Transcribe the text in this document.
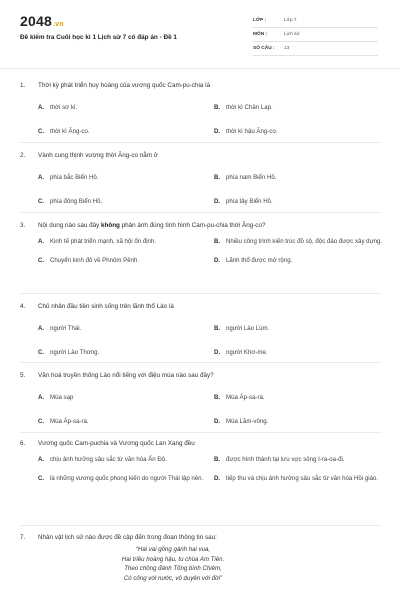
2048.vn
Đề kiểm tra Cuối học kì 1 Lịch sử 7 có đáp án - Đề 1
LỚP :	Lớp 7
MÔN :	Lịch sử
SỐ CÂU :	13
1.	Thời kỳ phát triển huy hoàng của vương quốc Cam-pu-chia là
A. thời sơ kì.	B. thời kì Chân Lạp.
C. thời kì Ăng-co.	D. thời kì hậu Ăng-co.
2.	Vành cung thịnh vượng thời Ăng-co nằm ở
A. phía bắc Biển Hồ.	B. phía nam Biển Hồ.
C. phía đông Biển Hồ.	D. phía tây Biển Hồ.
3.	Nội dung nào sau đây không phản ánh đúng tình hình Cam-pu-chia thời Ăng-co?
A. Kinh tế phát triển mạnh, xã hội ổn định.	B. Nhiều công trình kiến trúc đồ sộ, độc đáo được xây dựng.
C. Chuyển kinh đô về Phnôm Pênh.	D. Lãnh thổ được mở rộng.
4.	Chủ nhân đầu tiên sinh sống trên lãnh thổ Lào là
A. người Thái.	B. người Lào Lùm.
C. người Lào Thơng.	D. người Khơ-me.
5.	Văn hoá truyền thống Lào nổi tiếng với điệu múa nào sau đây?
A. Múa sạp	B. Múa Áp-sa-ra.
C. Múa Áp-sa-ra.	D. Múa Lăm-vông.
6.	Vương quốc Cam-puchia và Vương quốc Lan Xang đều
A. chịu ảnh hưởng sâu sắc từ văn hóa Ấn Độ.	B. được hình thành tại lưu vực sông I-ra-oa-đi.
C. là những vương quốc phong kiến do người Thái lập nên. D. tiếp thu và chịu ảnh hưởng sâu sắc từ văn hóa Hồi giáo.
7.	Nhân vật lịch sử nào được đề cập đến trong đoạn thông tin sau:
“Hai vai gồng gánh hai vua,
Hai triều hoàng hậu, tu chùa Am Tiên.
Theo chồng đánh Tống bình Chiêm,
Có công với nước, vô duyên với đời”
